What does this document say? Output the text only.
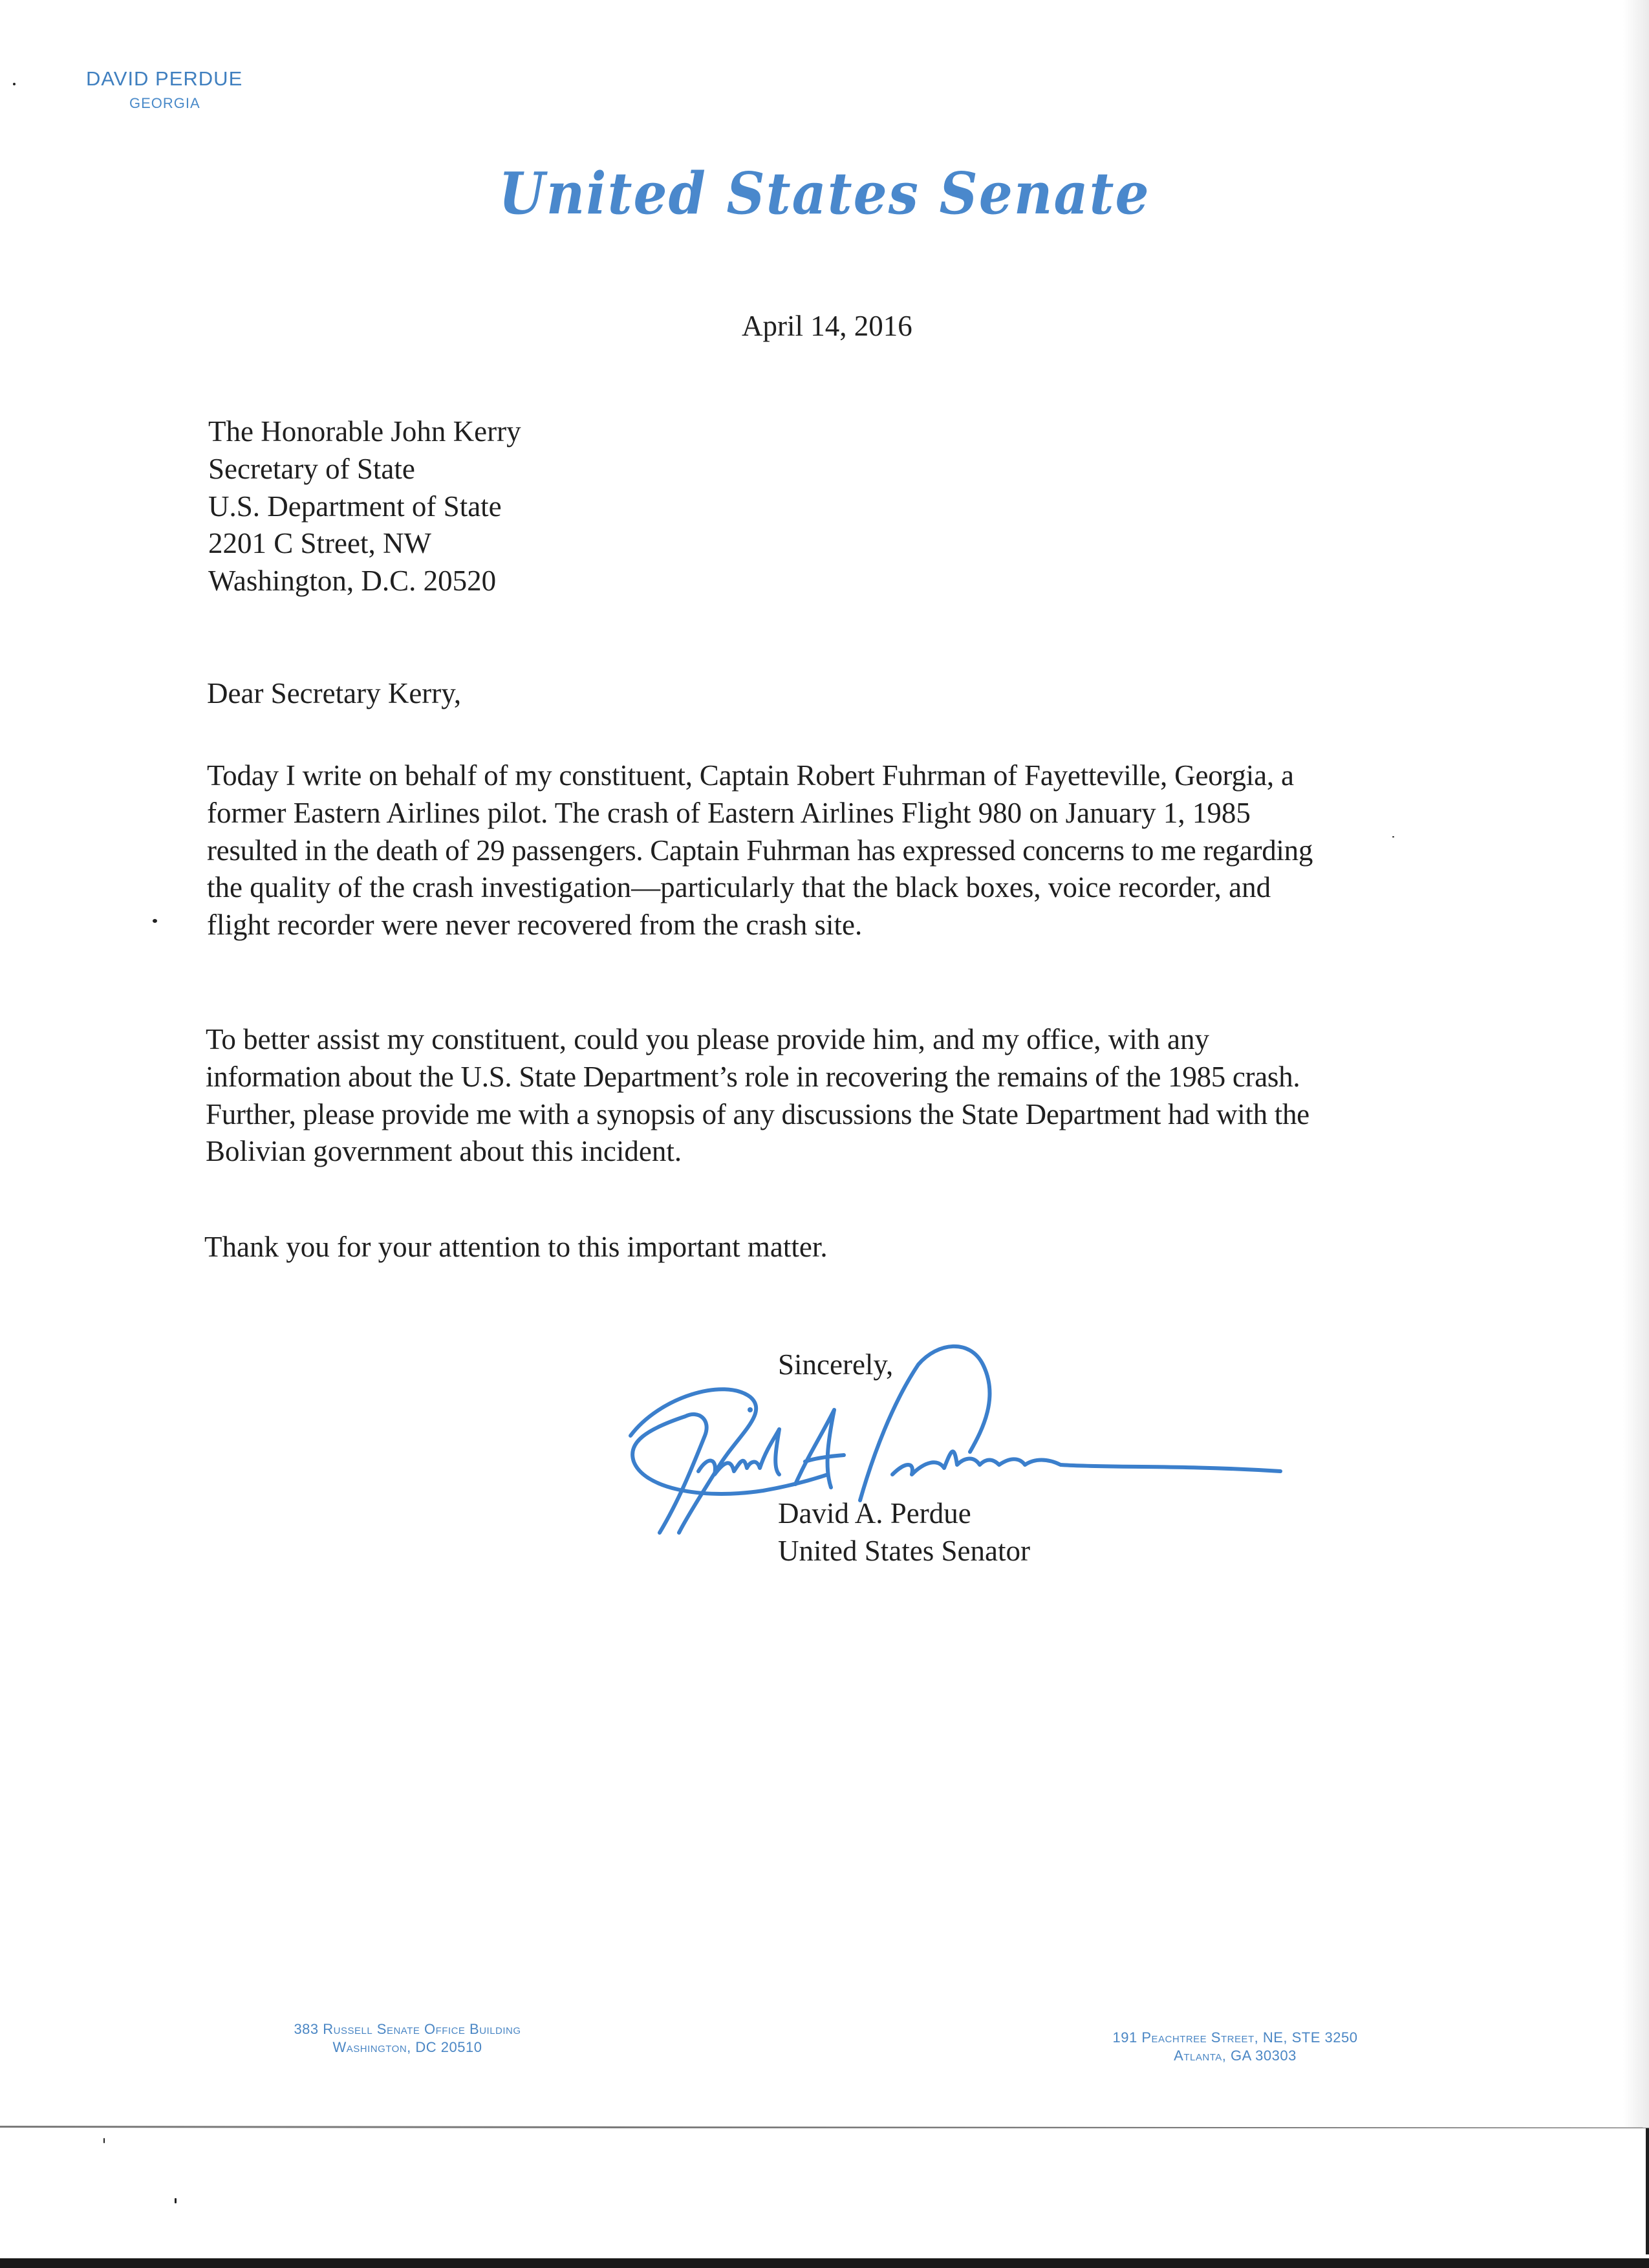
DAVID PERDUE
GEORGIA
United States Senate
April 14, 2016
The Honorable John Kerry
Secretary of State
U.S. Department of State
2201 C Street, NW
Washington, D.C. 20520
Dear Secretary Kerry,
Today I write on behalf of my constituent, Captain Robert Fuhrman of Fayetteville, Georgia, a
former Eastern Airlines pilot. The crash of Eastern Airlines Flight 980 on January 1, 1985
resulted in the death of 29 passengers. Captain Fuhrman has expressed concerns to me regarding
the quality of the crash investigation—particularly that the black boxes, voice recorder, and
flight recorder were never recovered from the crash site.
To better assist my constituent, could you please provide him, and my office, with any
information about the U.S. State Department’s role in recovering the remains of the 1985 crash.
Further, please provide me with a synopsis of any discussions the State Department had with the
Bolivian government about this incident.
Thank you for your attention to this important matter.
Sincerely,
David A. Perdue
United States Senator
383 Russell Senate Office Building
Washington, DC 20510
191 Peachtree Street, NE, STE 3250
Atlanta, GA 30303
